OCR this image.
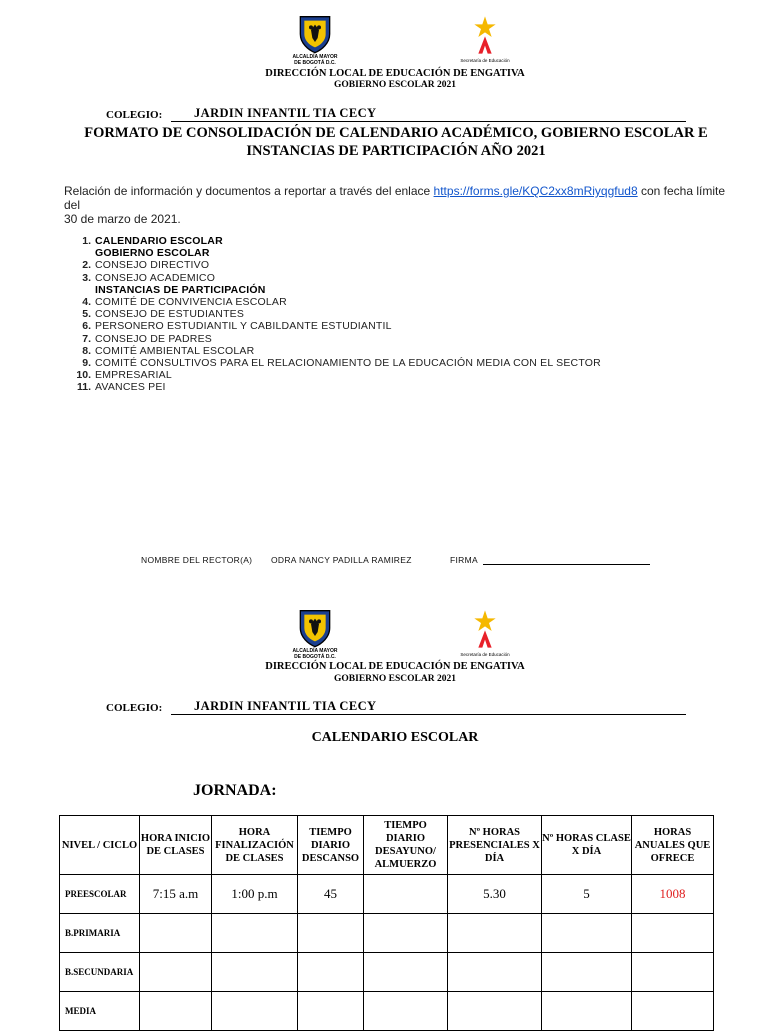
ALCALDÍA MAYOR
DE BOGOTÁ D.C.	Secretaría de Educación
DIRECCIÓN LOCAL DE EDUCACIÓN DE ENGATIVA
GOBIERNO ESCOLAR 2021
COLEGIO:	JARDIN INFANTIL TIA CECY
FORMATO DE CONSOLIDACIÓN DE CALENDARIO ACADÉMICO, GOBIERNO ESCOLAR E
INSTANCIAS DE PARTICIPACIÓN AÑO 2021
Relación de información y documentos a reportar a través del enlace https://forms.gle/KQC2xx8mRiyqgfud8 con fecha límite del
30 de marzo de 2021.
1. CALENDARIO ESCOLAR
GOBIERNO ESCOLAR
2. CONSEJO DIRECTIVO
3. CONSEJO ACADEMICO
INSTANCIAS DE PARTICIPACIÓN
4. COMITÉ DE CONVIVENCIA ESCOLAR
5. CONSEJO DE ESTUDIANTES
6. PERSONERO ESTUDIANTIL Y CABILDANTE ESTUDIANTIL
7. CONSEJO DE PADRES
8. COMITÉ AMBIENTAL ESCOLAR
9. COMITÉ CONSULTIVOS PARA EL RELACIONAMIENTO DE LA EDUCACIÓN MEDIA CON EL SECTOR
10. EMPRESARIAL
11. AVANCES PEI
NOMBRE DEL RECTOR(A) ODRA NANCY PADILLA RAMIREZ	FIRMA
ALCALDÍA MAYOR
DE BOGOTÁ D.C.	Secretaría de Educación
DIRECCIÓN LOCAL DE EDUCACIÓN DE ENGATIVA
GOBIERNO ESCOLAR 2021
COLEGIO:	JARDIN INFANTIL TIA CECY
CALENDARIO ESCOLAR
JORNADA:
NIVEL / CICLO	HORA INICIO DE CLASES	HORA FINALIZACIÓN DE CLASES	TIEMPO DIARIO DESCANSO	TIEMPO DIARIO DESAYUNO/ ALMUERZO	Nº HORAS PRESENCIALES X DÍA	Nº HORAS CLASE X DÍA	HORAS ANUALES QUE OFRECE
PREESCOLAR	7:15 a.m	1:00 p.m	45		5.30	5	1008
B.PRIMARIA							
B.SECUNDARIA							
MEDIA							
